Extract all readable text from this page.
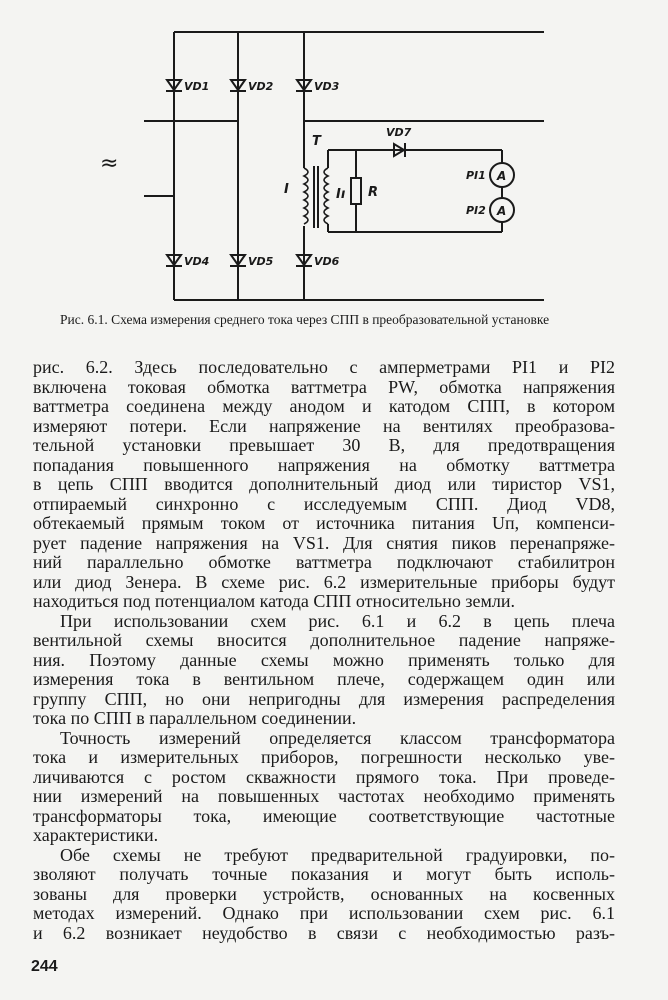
≈
VD1	VD2	VD3
VD4	VD5	VD6
T
I	Iı R
VD7
A
A
PI1
PI2
Рис. 6.1. Схема измерения среднего тока через СПП в преобразовательной установке
рис. 6.2. Здесь последовательно с амперметрами PI1 и PI2
включена токовая обмотка ваттметра PW, обмотка напряжения
ваттметра соединена между анодом и катодом СПП, в котором
измеряют потери. Если напряжение на вентилях преобразова-
тельной установки превышает 30 В, для предотвращения
попадания повышенного напряжения на обмотку ваттметра
в цепь СПП вводится дополнительный диод или тиристор VS1,
отпираемый синхронно с исследуемым СПП. Диод VD8,
обтекаемый прямым током от источника питания Uп, компенси-
рует падение напряжения на VS1. Для снятия пиков перенапряже-
ний параллельно обмотке ваттметра подключают стабилитрон
или диод Зенера. В схеме рис. 6.2 измерительные приборы будут
находиться под потенциалом катода СПП относительно земли.
При использовании схем рис. 6.1 и 6.2 в цепь плеча
вентильной схемы вносится дополнительное падение напряже-
ния. Поэтому данные схемы можно применять только для
измерения тока в вентильном плече, содержащем один или
группу СПП, но они непригодны для измерения распределения
тока по СПП в параллельном соединении.
Точность измерений определяется классом трансформатора
тока и измерительных приборов, погрешности несколько уве-
личиваются с ростом скважности прямого тока. При проведе-
нии измерений на повышенных частотах необходимо применять
трансформаторы тока, имеющие соответствующие частотные
характеристики.
Обе схемы не требуют предварительной градуировки, по-
зволяют получать точные показания и могут быть исполь-
зованы для проверки устройств, основанных на косвенных
методах измерений. Однако при использовании схем рис. 6.1
и 6.2 возникает неудобство в связи с необходимостью разъ-
244
